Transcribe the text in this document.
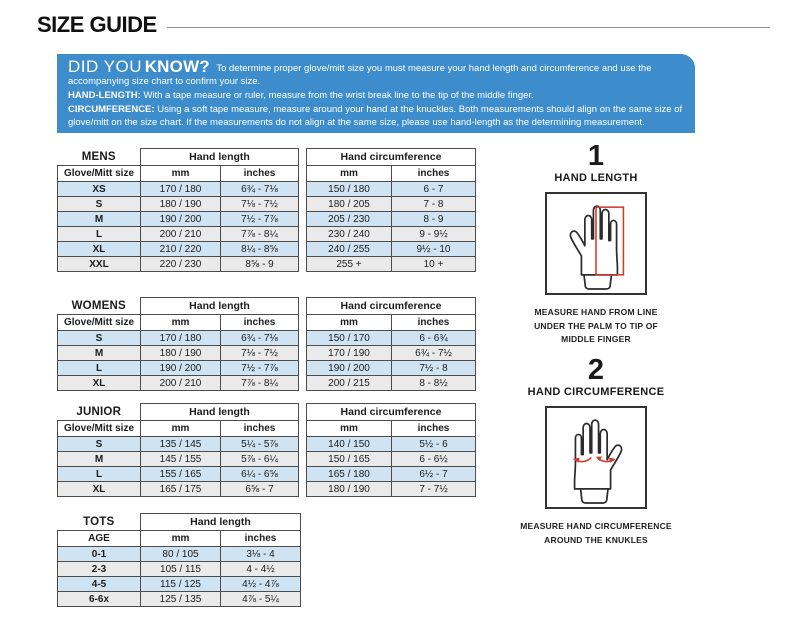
SIZE GUIDE

DID YOU KNOW? To determine proper glove/mitt size you must measure your hand length and circumference and use the accompanying size chart to confirm your size.

HAND-LENGTH: With a tape measure or ruler, measure from the wrist break line to the tip of the middle finger.

CIRCUMFERENCE: Using a soft tape measure, measure around your hand at the knuckles. Both measurements should align on the same size of glove/mitt on the size chart. If the measurements do not align at the same size, please use hand-length as the determining measurement.

MENS	Hand length			Hand circumference	
Glove/Mitt size	mm	inches		mm	inches
XS	170 / 180	6¾ - 7⅛		150 / 180	6 - 7
S	180 / 190	7⅛ - 7½		180 / 205	7 - 8
M	190 / 200	7½ - 7⅞		205 / 230	8 - 9
L	200 / 210	7⅞ - 8¼		230 / 240	9 - 9½
XL	210 / 220	8¼ - 8⅝		240 / 255	9½ - 10
XXL	220 / 230	8⅝ - 9		255 +	10 +
WOMENS	Hand length			Hand circumference	
Glove/Mitt size	mm	inches		mm	inches
S	170 / 180	6¾ - 7⅛		150 / 170	6 - 6¾
M	180 / 190	7⅛ - 7½		170 / 190	6¾ - 7½
L	190 / 200	7½ - 7⅞		190 / 200	7½ - 8
XL	200 / 210	7⅞ - 8¼		200 / 215	8 - 8½
JUNIOR	Hand length			Hand circumference	
Glove/Mitt size	mm	inches		mm	inches
S	135 / 145	5¼ - 5⅞		140 / 150	5½ - 6
M	145 / 155	5⅞ - 6¼		150 / 165	6 - 6½
L	155 / 165	6¼ - 6⅝		165 / 180	6½ - 7
XL	165 / 175	6⅝ - 7		180 / 190	7 - 7½
TOTS	Hand length	
AGE	mm	inches
0-1	80 / 105	3⅛ - 4
2-3	105 / 115	4 - 4½
4-5	115 / 125	4½ - 4⅞
6-6x	125 / 135	4⅞ - 5¼
1
HAND LENGTH
MEASURE HAND FROM LINE UNDER THE PALM TO TIP OF MIDDLE FINGER
2
HAND CIRCUMFERENCE
MEASURE HAND CIRCUMFERENCE AROUND THE KNUKLES
